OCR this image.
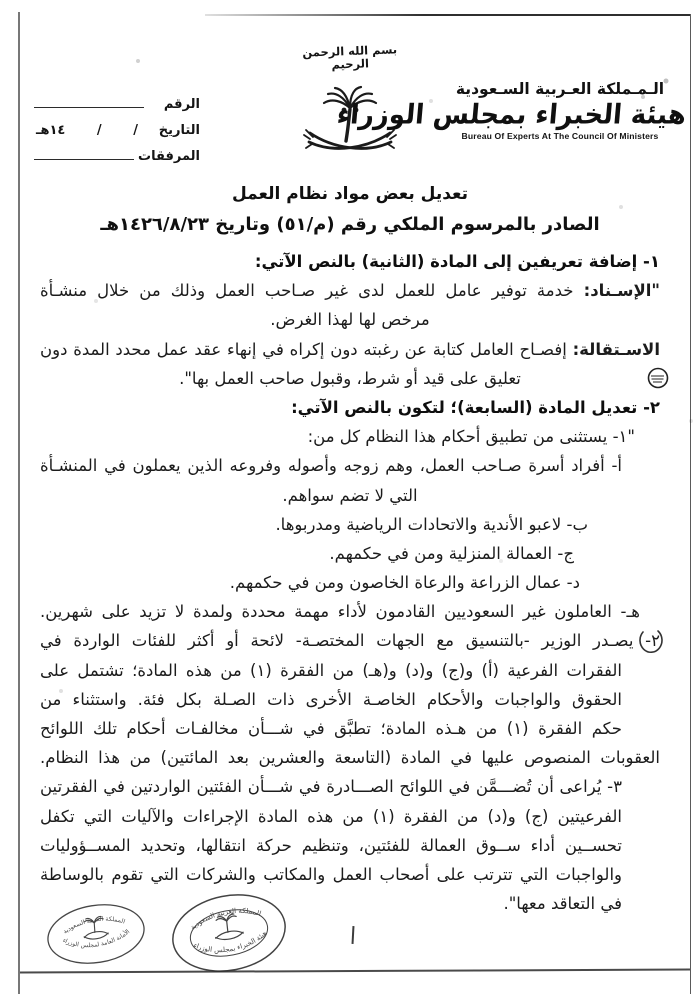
بسم الله الرحمن الرحيم
الـمـملكة العـربية السـعودية
هيئة الخبراء بمجلس الوزراء
Bureau Of Experts At The Council Of Ministers
الرقم
التاريخ
/
/
١٤هـ
المرفقات
تعديل بعض مواد نظام العمل
الصادر بالمرسوم الملكي رقم (م/٥١) وتاريخ ١٤٢٦/٨/٢٣هـ
١- إضافة تعريفين إلى المادة (الثانية) بالنص الآتي:
"الإسـناد: خدمة توفير عامل للعمل لدى غير صـاحب العمل وذلك من خلال منشـأة
مرخص لها لهذا الغرض.
الاسـتقالة: إفصـاح العامل كتابة عن رغبته دون إكراه في إنهاء عقد عمل محدد المدة دون
تعليق على قيد أو شرط، وقبول صاحب العمل بها".
٢- تعديل المادة (السابعة)؛ لتكون بالنص الآتي:
"١- يستثنى من تطبيق أحكام هذا النظام كل من:
أ- أفراد أسرة صـاحب العمل، وهم زوجه وأصوله وفروعه الذين يعملون في المنشـأة
التي لا تضم سواهم.
ب- لاعبو الأندية والاتحادات الرياضية ومدربوها.
ج- العمالة المنزلية ومن في حكمهم.
د- عمال الزراعة والرعاة الخاصون ومن في حكمهم.
هـ- العاملون غير السعوديين القادمون لأداء مهمة محددة ولمدة لا تزيد على شهرين.
٢- يصـدر الوزير -بالتنسيق مع الجهات المختصـة- لائحة أو أكثر للفئات الواردة في
الفقرات الفرعية (أ) و(ج) و(د) و(هـ) من الفقرة (١) من هذه المادة؛ تشتمل على
الحقوق والواجبات والأحكام الخاصـة الأخرى ذات الصـلة بكل فئة. واستثناء من
حكم الفقرة (١) من هـذه المادة؛ تطبَّق في شـــأن مخالفـات أحكام تلك اللوائح
العقوبات المنصوص عليها في المادة (التاسعة والعشرين بعد المائتين) من هذا النظام.
٣- يُراعى أن تُضـــمَّن في اللوائح الصـــادرة في شـــأن الفئتين الواردتين في الفقرتين
الفرعيتين (ج) و(د) من الفقرة (١) من هذه المادة الإجراءات والآليات التي تكفل
تحســين أداء ســوق العمالة للفئتين، وتنظيم حركة انتقالها، وتحديد المســؤوليات
والواجبات التي تترتب على أصحاب العمل والمكاتب والشركات التي تقوم بالوساطة
في التعاقد معها".
المملكة العربية السعودية
الأمانة العامة لمجلس الوزراء	المملكة العربية السعودية
هيئة الخبراء بمجلس الوزراء
